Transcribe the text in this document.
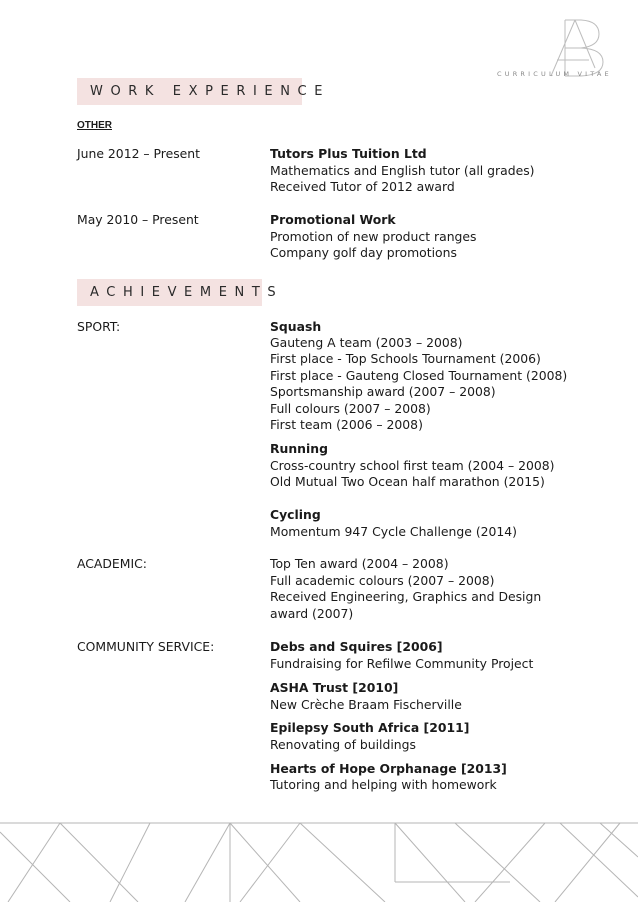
CURRICULUM VITAE
WORK EXPERIENCE
OTHER
June 2012 – Present	Tutors Plus Tuition Ltd
Mathematics and English tutor (all grades)
Received Tutor of 2012 award
May 2010 – Present	Promotional Work
Promotion of new product ranges
Company golf day promotions
ACHIEVEMENTS
SPORT:	Squash
Gauteng A team (2003 – 2008)
First place - Top Schools Tournament (2006)
First place - Gauteng Closed Tournament (2008)
Sportsmanship award (2007 – 2008)
Full colours (2007 – 2008)
First team (2006 – 2008)
Running
Cross-country school first team (2004 – 2008)
Old Mutual Two Ocean half marathon (2015)
Cycling
Momentum 947 Cycle Challenge (2014)
ACADEMIC:	Top Ten award (2004 – 2008)
Full academic colours (2007 – 2008)
Received Engineering, Graphics and Design
award (2007)
COMMUNITY SERVICE:	Debs and Squires [2006]
Fundraising for Refilwe Community Project
ASHA Trust [2010]
New Crèche Braam Fischerville
Epilepsy South Africa [2011]
Renovating of buildings
Hearts of Hope Orphanage [2013]
Tutoring and helping with homework
